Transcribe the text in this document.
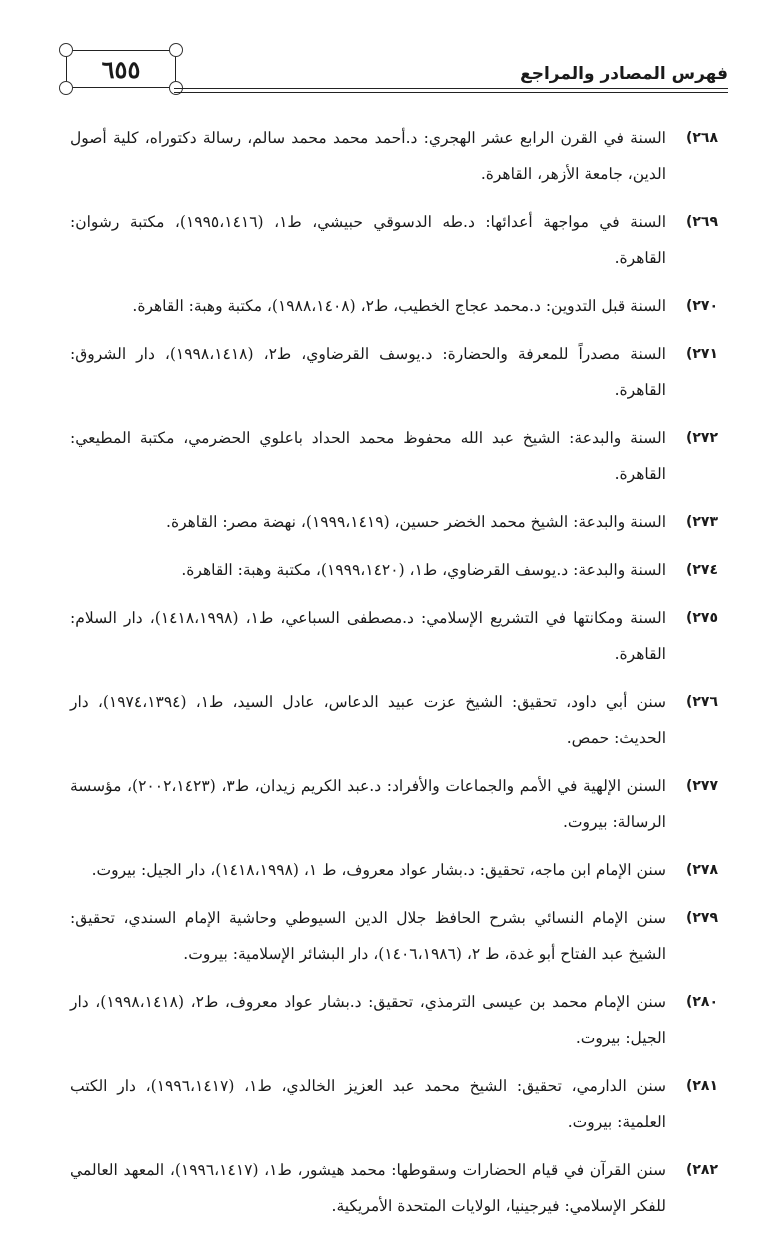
٦٥٥	فهرس المصادر والمراجع
٢٦٨)
السنة في القرن الرابع عشر الهجري: د.أحمد محمد محمد سالم، رسالة دكتوراه، كلية أصول الدين، جامعة الأزهر، القاهرة.
٢٦٩)
السنة في مواجهة أعدائها: د.طه الدسوقي حبيشي، ط١، (١٩٩٥،١٤١٦)، مكتبة رشوان: القاهرة.
٢٧٠)
السنة قبل التدوين: د.محمد عجاج الخطيب، ط٢، (١٩٨٨،١٤٠٨)، مكتبة وهبة: القاهرة.
٢٧١)
السنة مصدراً للمعرفة والحضارة: د.يوسف القرضاوي، ط٢، (١٩٩٨،١٤١٨)، دار الشروق: القاهرة.
٢٧٢)
السنة والبدعة: الشيخ عبد الله محفوظ محمد الحداد باعلوي الحضرمي، مكتبة المطيعي: القاهرة.
٢٧٣)
السنة والبدعة: الشيخ محمد الخضر حسين، (١٩٩٩،١٤١٩)، نهضة مصر: القاهرة.
٢٧٤)
السنة والبدعة: د.يوسف القرضاوي، ط١، (١٩٩٩،١٤٢٠)، مكتبة وهبة: القاهرة.
٢٧٥)
السنة ومكانتها في التشريع الإسلامي: د.مصطفى السباعي، ط١، (١٤١٨،١٩٩٨)، دار السلام: القاهرة.
٢٧٦)
سنن أبي داود، تحقيق: الشيخ عزت عبيد الدعاس، عادل السيد، ط١، (١٩٧٤،١٣٩٤)، دار الحديث: حمص.
٢٧٧)
السنن الإلهية في الأمم والجماعات والأفراد: د.عبد الكريم زيدان، ط٣، (٢٠٠٢،١٤٢٣)، مؤسسة الرسالة: بيروت.
٢٧٨)
سنن الإمام ابن ماجه، تحقيق: د.بشار عواد معروف، ط ١، (١٤١٨،١٩٩٨)، دار الجيل: بيروت.
٢٧٩)
سنن الإمام النسائي بشرح الحافظ جلال الدين السيوطي وحاشية الإمام السندي، تحقيق: الشيخ عبد الفتاح أبو غدة، ط ٢، (١٤٠٦،١٩٨٦)، دار البشائر الإسلامية: بيروت.
٢٨٠)
سنن الإمام محمد بن عيسى الترمذي، تحقيق: د.بشار عواد معروف، ط٢، (١٩٩٨،١٤١٨)، دار الجيل: بيروت.
٢٨١)
سنن الدارمي، تحقيق: الشيخ محمد عبد العزيز الخالدي، ط١، (١٩٩٦،١٤١٧)، دار الكتب العلمية: بيروت.
٢٨٢)
سنن القرآن في قيام الحضارات وسقوطها: محمد هيشور، ط١، (١٩٩٦،١٤١٧)، المعهد العالمي للفكر الإسلامي: فيرجينيا، الولايات المتحدة الأمريكية.
